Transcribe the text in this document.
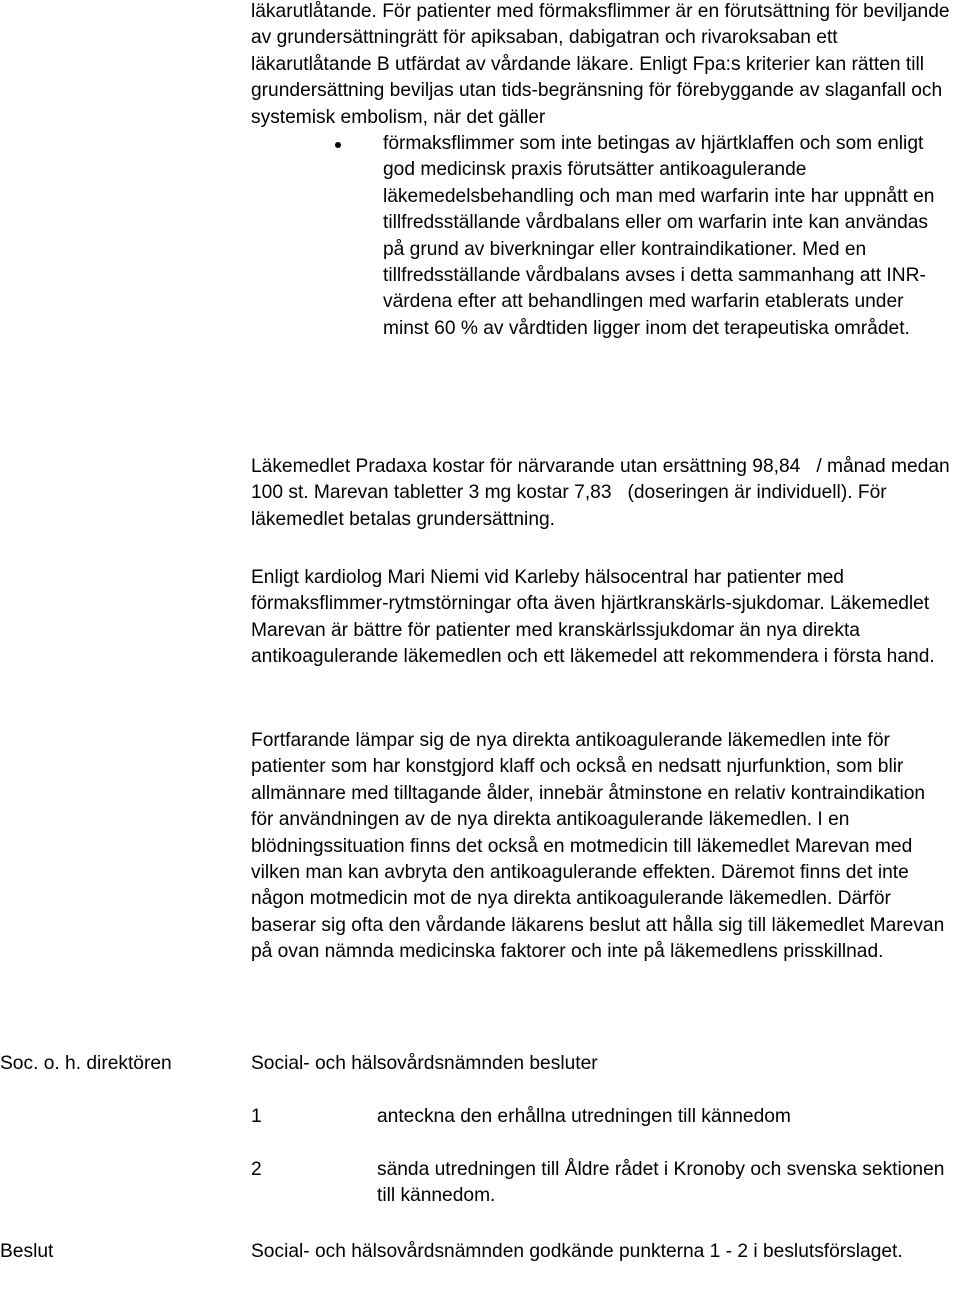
läkarutlåtande. För patienter med förmaksflimmer är en förutsättning för beviljande av grundersättningrätt för apiksaban, dabigatran och rivaroksaban ett läkarutlåtande B utfärdat av vårdande läkare. Enligt Fpa:s kriterier kan rätten till grundersättning beviljas utan tids-begränsning för förebyggande av slaganfall och systemisk embolism, när det gäller

förmaksflimmer som inte betingas av hjärtklaffen och som enligt god medicinsk praxis förutsätter antikoagulerande läkemedelsbehandling och man med warfarin inte har uppnått en tillfredsställande vårdbalans eller om warfarin inte kan användas på grund av biverkningar eller kontraindikationer. Med en tillfredsställande vårdbalans avses i detta sammanhang att INR-värdena efter att behandlingen med warfarin etablerats under minst 60 % av vårdtiden ligger inom det terapeutiska området.

Läkemedlet Pradaxa kostar för närvarande utan ersättning 98,84 / månad medan 100 st. Marevan tabletter 3 mg kostar 7,83 (doseringen är individuell). För läkemedlet betalas grundersättning.

Enligt kardiolog Mari Niemi vid Karleby hälsocentral har patienter med förmaksflimmer-rytmstörningar ofta även hjärtkranskärls-sjukdomar. Läkemedlet Marevan är bättre för patienter med kranskärlssjukdomar än nya direkta antikoagulerande läkemedlen och ett läkemedel att rekommendera i första hand.

Fortfarande lämpar sig de nya direkta antikoagulerande läkemedlen inte för patienter som har konstgjord klaff och också en nedsatt njurfunktion, som blir allmännare med tilltagande ålder, innebär åtminstone en relativ kontraindikation för användningen av de nya direkta antikoagulerande läkemedlen. I en blödningssituation finns det också en motmedicin till läkemedlet Marevan med vilken man kan avbryta den antikoagulerande effekten. Däremot finns det inte någon motmedicin mot de nya direkta antikoagulerande läkemedlen. Därför baserar sig ofta den vårdande läkarens beslut att hålla sig till läkemedlet Marevan på ovan nämnda medicinska faktorer och inte på läkemedlens prisskillnad.

Soc. o. h. direktören	Social- och hälsovårdsnämnden besluter
1	anteckna den erhållna utredningen till kännedom
2	sända utredningen till Åldre rådet i Kronoby och svenska sektionen till kännedom.
Beslut	Social- och hälsovårdsnämnden godkände punkterna 1 - 2 i beslutsförslaget.
